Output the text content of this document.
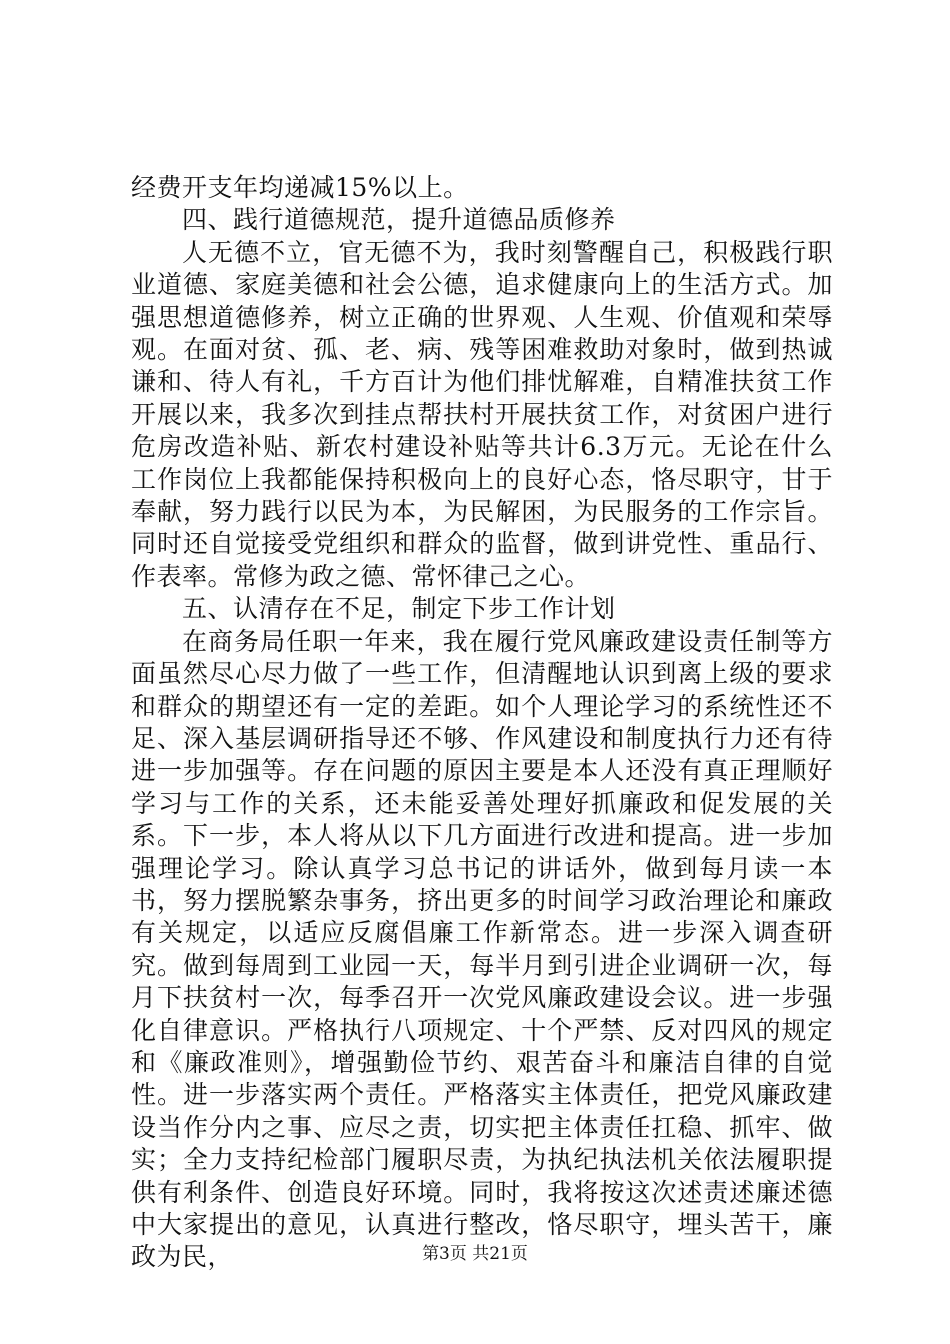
经费开支年均递减15%以上。

四、践行道德规范，提升道德品质修养

人无德不立，官无德不为，我时刻警醒自己，积极践行职业道德、家庭美德和社会公德，追求健康向上的生活方式。加强思想道德修养，树立正确的世界观、人生观、价值观和荣辱观。在面对贫、孤、老、病、残等困难救助对象时，做到热诚谦和、待人有礼，千方百计为他们排忧解难，自精准扶贫工作开展以来，我多次到挂点帮扶村开展扶贫工作，对贫困户进行危房改造补贴、新农村建设补贴等共计6.3万元。无论在什么工作岗位上我都能保持积极向上的良好心态，恪尽职守，甘于奉献，努力践行以民为本，为民解困，为民服务的工作宗旨。同时还自觉接受党组织和群众的监督，做到讲党性、重品行、作表率。常修为政之德、常怀律己之心。

五、认清存在不足，制定下步工作计划

在商务局任职一年来，我在履行党风廉政建设责任制等方面虽然尽心尽力做了一些工作，但清醒地认识到离上级的要求和群众的期望还有一定的差距。如个人理论学习的系统性还不足、深入基层调研指导还不够、作风建设和制度执行力还有待进一步加强等。存在问题的原因主要是本人还没有真正理顺好学习与工作的关系，还未能妥善处理好抓廉政和促发展的关系。下一步，本人将从以下几方面进行改进和提高。进一步加强理论学习。除认真学习总书记的讲话外，做到每月读一本书，努力摆脱繁杂事务，挤出更多的时间学习政治理论和廉政有关规定，以适应反腐倡廉工作新常态。进一步深入调查研究。做到每周到工业园一天，每半月到引进企业调研一次，每月下扶贫村一次，每季召开一次党风廉政建设会议。进一步强化自律意识。严格执行八项规定、十个严禁、反对四风的规定和《廉政准则》，增强勤俭节约、艰苦奋斗和廉洁自律的自觉性。进一步落实两个责任。严格落实主体责任，把党风廉政建设当作分内之事、应尽之责，切实把主体责任扛稳、抓牢、做实；全力支持纪检部门履职尽责，为执纪执法机关依法履职提供有利条件、创造良好环境。同时，我将按这次述责述廉述德中大家提出的意见，认真进行整改，恪尽职守，埋头苦干，廉政为民，	第3页 共21页
